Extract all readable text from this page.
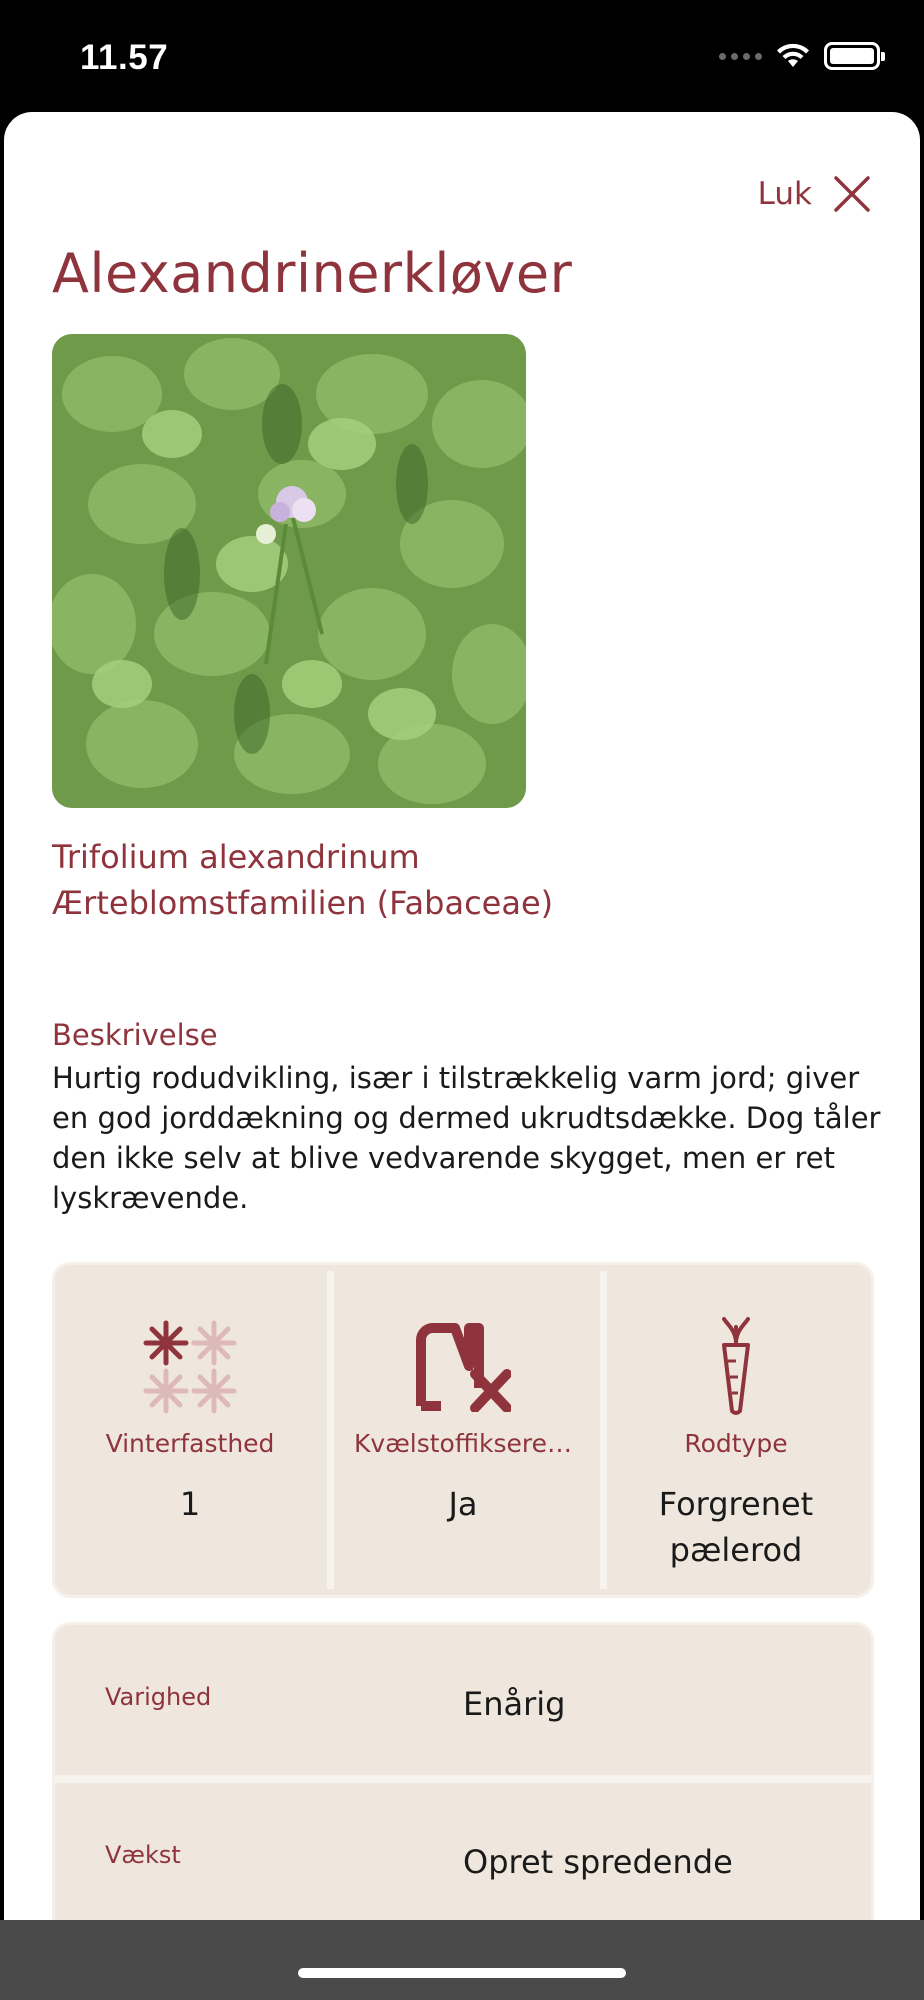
11.57
Luk
Alexandrinerkløver
Trifolium alexandrinum
Ærteblomstfamilien (Fabaceae)
Beskrivelse

Hurtig rodudvikling, især i tilstrækkelig varm jord; giver en god jorddækning og dermed ukrudtsdække. Dog tåler den ikke selv at blive vedvarende skygget, men er ret lyskrævende.

Vinterfasthed
1
Kvælstoffiksere…
Ja
Rodtype
Forgrenet pælerod
Varighed	Enårig
Vækst	Opret spredende
